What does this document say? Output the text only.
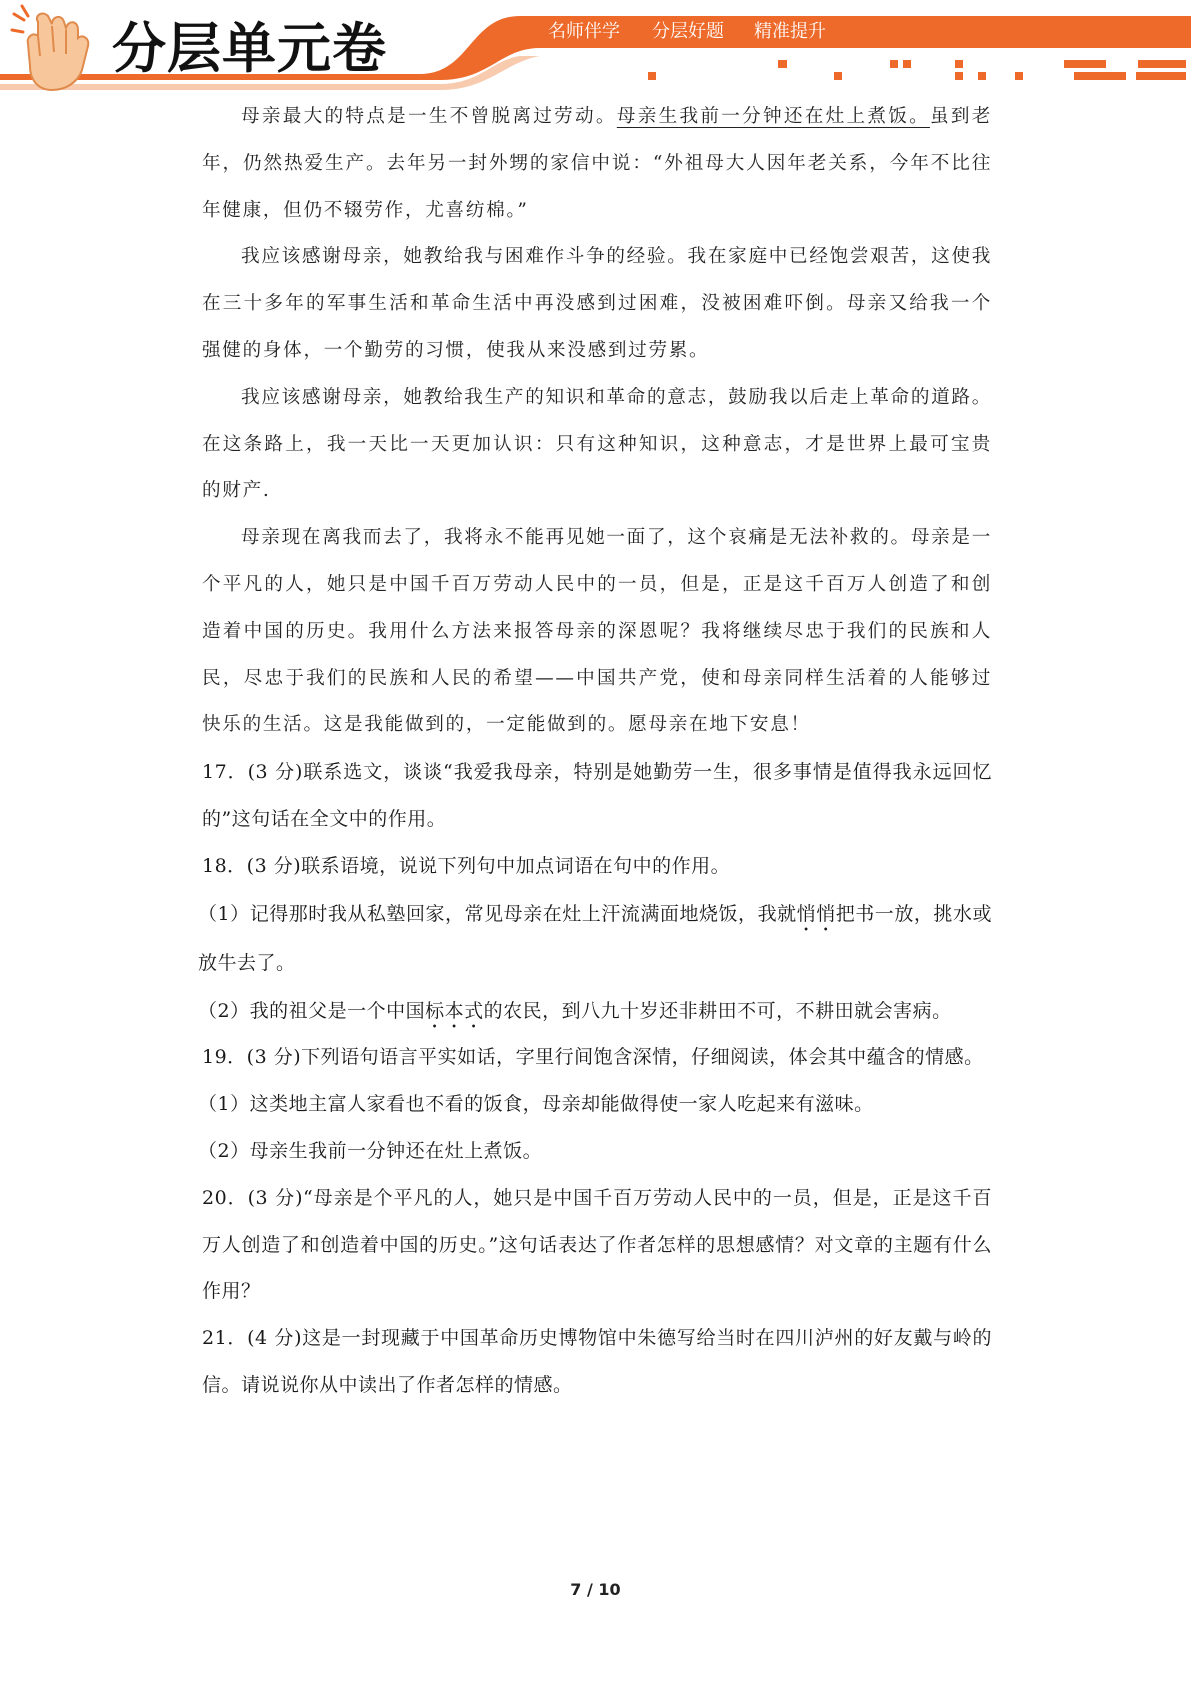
分层单元卷	名师伴学 分层好题 精准提升

母亲最大的特点是一生不曾脱离过劳动。母亲生我前一分钟还在灶上煮饭。虽到老年，仍然热爱生产。去年另一封外甥的家信中说：“外祖母大人因年老关系，今年不比往年健康，但仍不辍劳作，尤喜纺棉。”

我应该感谢母亲，她教给我与困难作斗争的经验。我在家庭中已经饱尝艰苦，这使我在三十多年的军事生活和革命生活中再没感到过困难，没被困难吓倒。母亲又给我一个强健的身体，一个勤劳的习惯，使我从来没感到过劳累。

我应该感谢母亲，她教给我生产的知识和革命的意志，鼓励我以后走上革命的道路。在这条路上，我一天比一天更加认识：只有这种知识，这种意志，才是世界上最可宝贵的财产.

母亲现在离我而去了，我将永不能再见她一面了，这个哀痛是无法补救的。母亲是一个平凡的人，她只是中国千百万劳动人民中的一员，但是，正是这千百万人创造了和创造着中国的历史。我用什么方法来报答母亲的深恩呢？我将继续尽忠于我们的民族和人民，尽忠于我们的民族和人民的希望——中国共产党，使和母亲同样生活着的人能够过快乐的生活。这是我能做到的，一定能做到的。愿母亲在地下安息！

17．(3 分)联系选文，谈谈“我爱我母亲，特别是她勤劳一生，很多事情是值得我永远回忆的”这句话在全文中的作用。

18．(3 分)联系语境，说说下列句中加点词语在句中的作用。

（1）记得那时我从私塾回家，常见母亲在灶上汗流满面地烧饭，我就悄悄把书一放，挑水或放牛去了。

（2）我的祖父是一个中国标本式的农民，到八九十岁还非耕田不可，不耕田就会害病。

19．(3 分)下列语句语言平实如话，字里行间饱含深情，仔细阅读，体会其中蕴含的情感。

（1）这类地主富人家看也不看的饭食，母亲却能做得使一家人吃起来有滋味。

（2）母亲生我前一分钟还在灶上煮饭。

20．(3 分)“母亲是个平凡的人，她只是中国千百万劳动人民中的一员，但是，正是这千百万人创造了和创造着中国的历史。”这句话表达了作者怎样的思想感情？对文章的主题有什么作用？

21．(4 分)这是一封现藏于中国革命历史博物馆中朱德写给当时在四川泸州的好友戴与岭的信。请说说你从中读出了作者怎样的情感。

7 / 10
